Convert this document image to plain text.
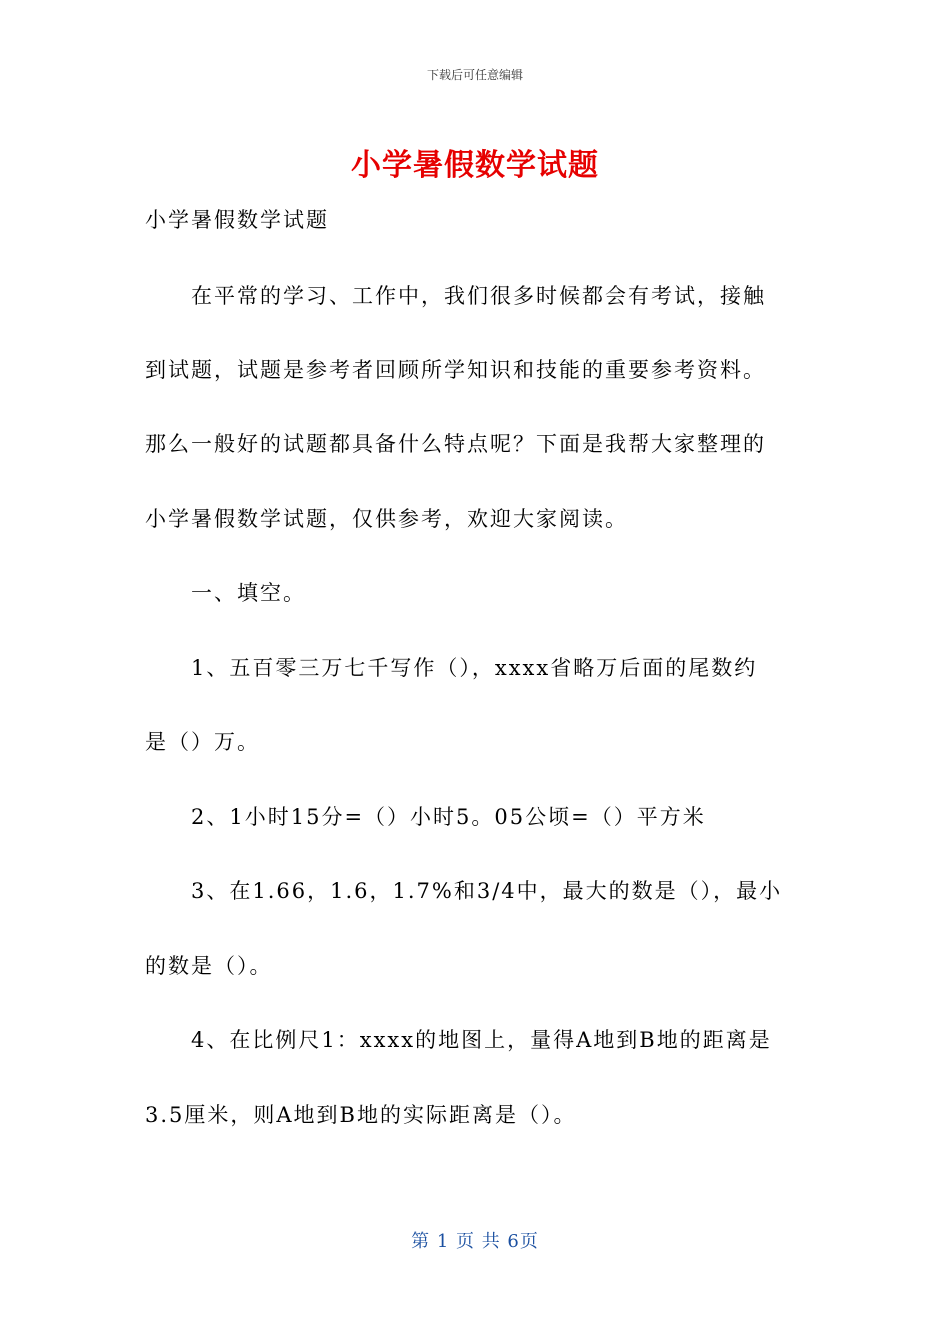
下载后可任意编辑
小学暑假数学试题
小学暑假数学试题
在平常的学习、工作中，我们很多时候都会有考试，接触
到试题，试题是参考者回顾所学知识和技能的重要参考资料。
那么一般好的试题都具备什么特点呢？下面是我帮大家整理的
小学暑假数学试题，仅供参考，欢迎大家阅读。
一、填空。
1、五百零三万七千写作（），xxxx省略万后面的尾数约
是（）万。
2、1小时15分=（）小时5。05公顷=（）平方米
3、在1.66，1.6，1.7%和3/4中，最大的数是（），最小
的数是（）。
4、在比例尺1：xxxx的地图上，量得A地到B地的距离是
3.5厘米，则A地到B地的实际距离是（）。
第 1 页 共 6页
